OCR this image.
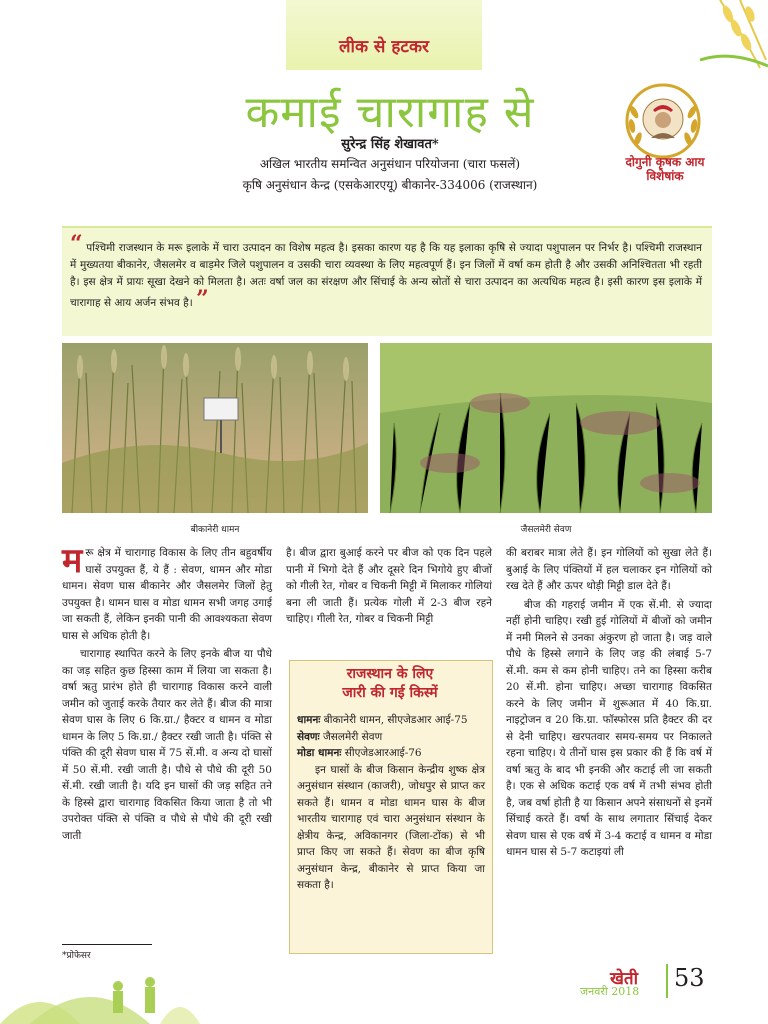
लीक से हटकर
कमाई चारागाह से
सुरेन्द्र सिंह शेखावत*
अखिल भारतीय समन्वित अनुसंधान परियोजना (चारा फसलें)
कृषि अनुसंधान केन्द्र (एसकेआरएयू) बीकानेर-334006 (राजस्थान)
दोगुनी कृषक आय
विशेषांक
“ पश्चिमी राजस्थान के मरू इलाके में चारा उत्पादन का विशेष महत्व है। इसका कारण यह है कि यह इलाका कृषि से ज्यादा पशुपालन पर निर्भर है। पश्चिमी राजस्थान में मुख्यतया बीकानेर, जैसलमेर व बाड़मेर जिले पशुपालन व उसकी चारा व्यवस्था के लिए महत्वपूर्ण हैं। इन जिलों में वर्षा कम होती है और उसकी अनिश्चितता भी रहती है। इस क्षेत्र में प्रायः सूखा देखने को मिलता है। अतः वर्षा जल का संरक्षण और सिंचाई के अन्य स्रोतों से चारा उत्पादन का अत्यधिक महत्व है। इसी कारण इस इलाके में चारागाह से आय अर्जन संभव है। ”
बीकानेरी धामन	जैसलमेरी सेवण

मरू क्षेत्र में चारागाह विकास के लिए तीन बहुवर्षीय घासें उपयुक्त हैं, ये हैं : सेवण, धामन और मोडा धामन। सेवण घास बीकानेर और जैसलमेर जिलों हेतु उपयुक्त है। धामन घास व मोडा धामन सभी जगह उगाई जा सकती हैं, लेकिन इनकी पानी की आवश्यकता सेवण घास से अधिक होती है।

चारागाह स्थापित करने के लिए इनके बीज या पौधे का जड़ सहित कुछ हिस्सा काम में लिया जा सकता है। वर्षा ऋतु प्रारंभ होते ही चारागाह विकास करने वाली जमीन को जुताई करके तैयार कर लेते हैं। बीज की मात्रा सेवण घास के लिए 6 कि.ग्रा./ हैक्टर व धामन व मोडा धामन के लिए 5 कि.ग्रा./ हैक्टर रखी जाती है। पंक्ति से पंक्ति की दूरी सेवण घास में 75 सें.मी. व अन्य दो घासों में 50 सें.मी. रखी जाती है। पौधे से पौधे की दूरी 50 सें.मी. रखी जाती है। यदि इन घासों की जड़ सहित तने के हिस्से द्वारा चारागाह विकसित किया जाता है तो भी उपरोक्त पंक्ति से पंक्ति व पौधे से पौधे की दूरी रखी जाती

है। बीज द्वारा बुआई करने पर बीज को एक दिन पहले पानी में भिगो देते हैं और दूसरे दिन भिगोये हुए बीजों को गीली रेत, गोबर व चिकनी मिट्टी में मिलाकर गोलियां बना ली जाती हैं। प्रत्येक गोली में 2-3 बीज रहने चाहिए। गीली रेत, गोबर व चिकनी मिट्टी

राजस्थान के लिए
जारी की गई किस्में

धामनः बीकानेरी धामन, सीएजेडआर आई-75

सेवणः जैसलमेरी सेवण

मोडा धामनः सीएजेडआरआई-76

इन घासों के बीज किसान केन्द्रीय शुष्क क्षेत्र अनुसंधान संस्थान (काजरी), जोधपुर से प्राप्त कर सकते हैं। धामन व मोडा धामन घास के बीज भारतीय चारागाह एवं चारा अनुसंधान संस्थान के क्षेत्रीय केन्द्र, अविकानगर (जिला-टोंक) से भी प्राप्त किए जा सकते हैं। सेवण का बीज कृषि अनुसंधान केन्द्र, बीकानेर से प्राप्त किया जा सकता है।

की बराबर मात्रा लेते हैं। इन गोलियों को सुखा लेते हैं। बुआई के लिए पंक्तियों में हल चलाकर इन गोलियों को रख देते हैं और ऊपर थोड़ी मिट्टी डाल देते हैं।

बीज की गहराई जमीन में एक सें.मी. से ज्यादा नहीं होनी चाहिए। रखी हुई गोलियों में बीजों को जमीन में नमी मिलने से उनका अंकुरण हो जाता है। जड़ वाले पौधे के हिस्से लगाने के लिए जड़ की लंबाई 5-7 सें.मी. कम से कम होनी चाहिए। तने का हिस्सा करीब 20 सें.मी. होना चाहिए। अच्छा चारागाह विकसित करने के लिए जमीन में शुरूआत में 40 कि.ग्रा. नाइट्रोजन व 20 कि.ग्रा. फॉस्फोरस प्रति हैक्टर की दर से देनी चाहिए। खरपतवार समय-समय पर निकालते रहना चाहिए। ये तीनों घास इस प्रकार की हैं कि वर्ष में वर्षा ऋतु के बाद भी इनकी और कटाई ली जा सकती है। एक से अधिक कटाई एक वर्ष में तभी संभव होती है, जब वर्षा होती है या किसान अपने संसाधनों से इनमें सिंचाई करते हैं। वर्षा के साथ लगातार सिंचाई देकर सेवण घास से एक वर्ष में 3-4 कटाई व धामन व मोडा धामन घास से 5-7 कटाइयां ली

*प्रोफेसर
खेती
जनवरी 2018 53
